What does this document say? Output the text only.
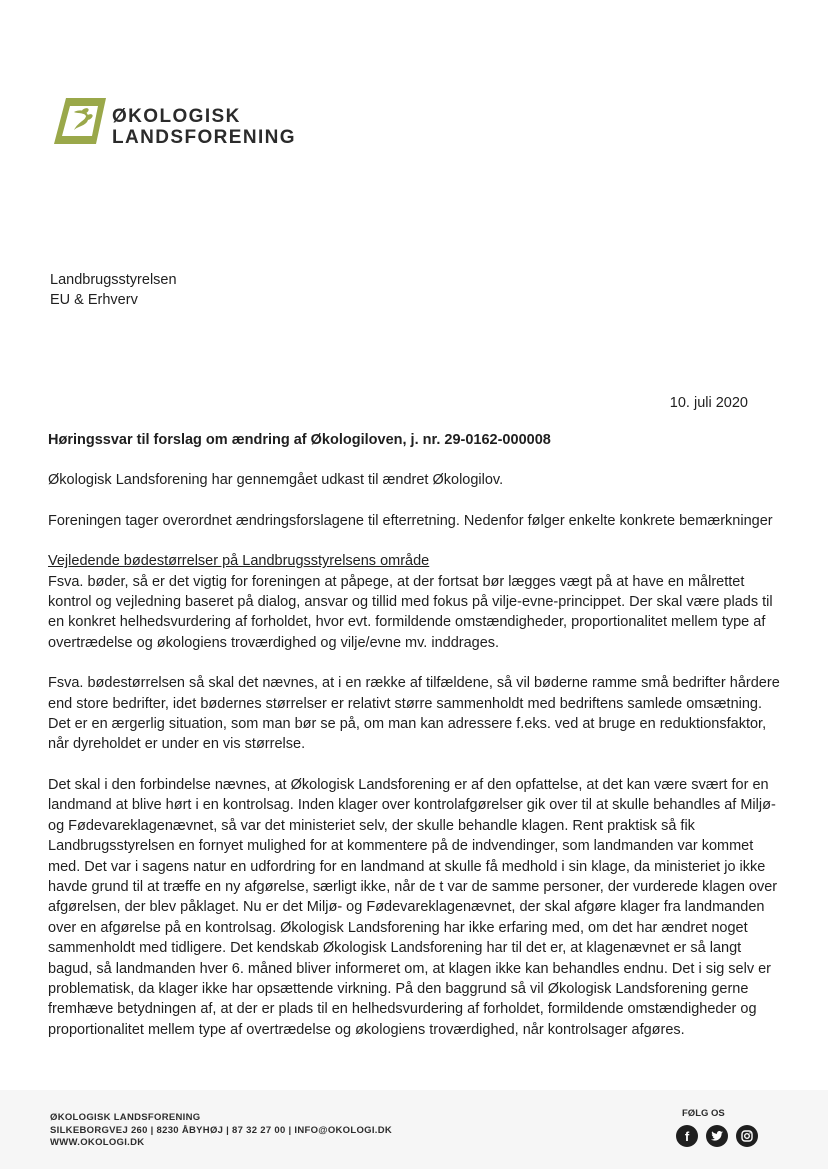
ØKOLOGISK
LANDSFORENING
Landbrugsstyrelsen
EU & Erhverv
10. juli 2020

Høringssvar til forslag om ændring af Økologiloven, j. nr. 29-0162-000008

Økologisk Landsforening har gennemgået udkast til ændret Økologilov.

Foreningen tager overordnet ændringsforslagene til efterretning. Nedenfor følger enkelte konkrete bemærkninger

Vejledende bødestørrelser på Landbrugsstyrelsens område

Fsva. bøder, så er det vigtig for foreningen at påpege, at der fortsat bør lægges vægt på at have en målrettet kontrol og vejledning baseret på dialog, ansvar og tillid med fokus på vilje-evne-princippet. Der skal være plads til en konkret helhedsvurdering af forholdet, hvor evt. formildende omstændigheder, proportionalitet mellem type af overtrædelse og økologiens troværdighed og vilje/evne mv. inddrages.

Fsva. bødestørrelsen så skal det nævnes, at i en række af tilfældene, så vil bøderne ramme små bedrifter hårdere end store bedrifter, idet bødernes størrelser er relativt større sammenholdt med bedriftens samlede omsætning. Det er en ærgerlig situation, som man bør se på, om man kan adressere f.eks. ved at bruge en reduktionsfaktor, når dyreholdet er under en vis størrelse.

Det skal i den forbindelse nævnes, at Økologisk Landsforening er af den opfattelse, at det kan være svært for en landmand at blive hørt i en kontrolsag. Inden klager over kontrolafgørelser gik over til at skulle behandles af Miljø- og Fødevareklagenævnet, så var det ministeriet selv, der skulle behandle klagen. Rent praktisk så fik Landbrugsstyrelsen en fornyet mulighed for at kommentere på de indvendinger, som landmanden var kommet med. Det var i sagens natur en udfordring for en landmand at skulle få medhold i sin klage, da ministeriet jo ikke havde grund til at træffe en ny afgørelse, særligt ikke, når de t var de samme personer, der vurderede klagen over afgørelsen, der blev påklaget. Nu er det Miljø- og Fødevareklagenævnet, der skal afgøre klager fra landmanden over en afgørelse på en kontrolsag. Økologisk Landsforening har ikke erfaring med, om det har ændret noget sammenholdt med tidligere. Det kendskab Økologisk Landsforening har til det er, at klagenævnet er så langt bagud, så landmanden hver 6. måned bliver informeret om, at klagen ikke kan behandles endnu. Det i sig selv er problematisk, da klager ikke har opsættende virkning. På den baggrund så vil Økologisk Landsforening gerne fremhæve betydningen af, at der er plads til en helhedsvurdering af forholdet, formildende omstændigheder og proportionalitet mellem type af overtrædelse og økologiens troværdighed, når kontrolsager afgøres.

ØKOLOGISK LANDSFORENING
SILKEBORGVEJ 260 | 8230 ÅBYHØJ | 87 32 27 00 | INFO@OKOLOGI.DK
WWW.OKOLOGI.DK
FØLG OS
f
